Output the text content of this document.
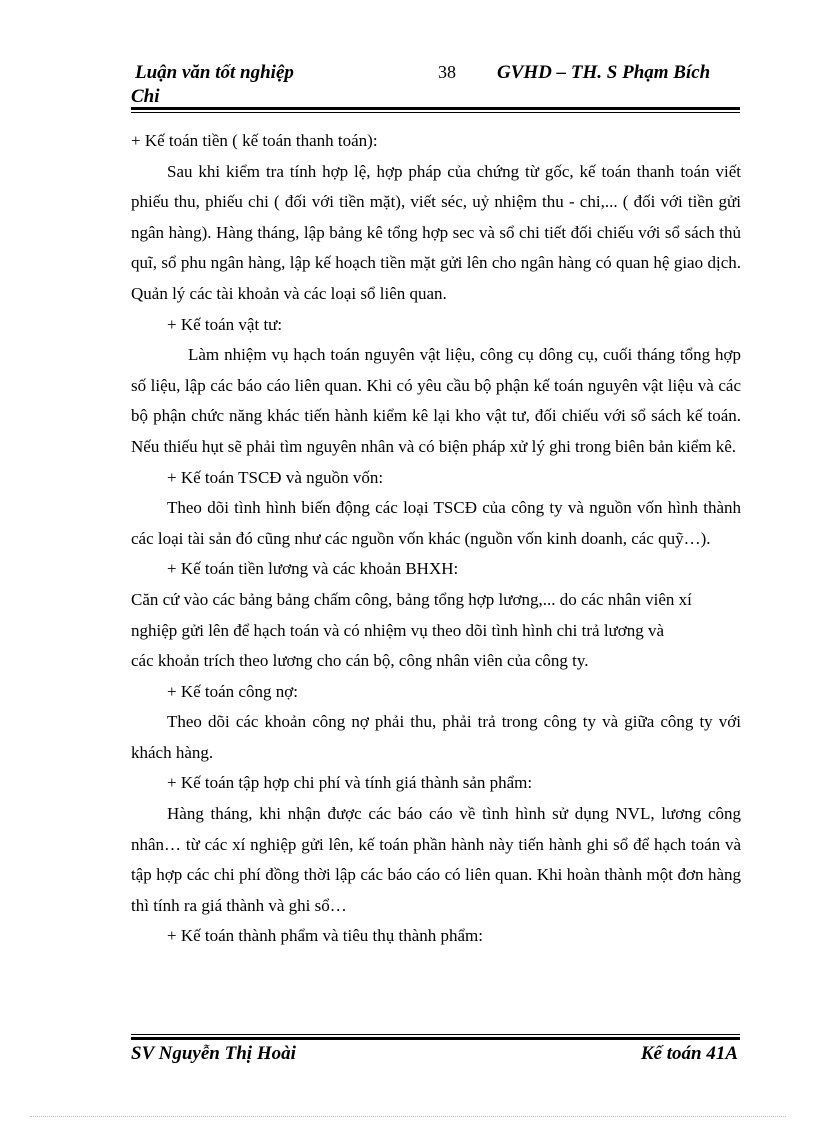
Luận văn tốt nghiệp	38 GVHD – TH. S Phạm Bích
Chi

+ Kế toán tiền ( kế toán thanh toán):

Sau khi kiểm tra tính hợp lệ, hợp pháp của chứng từ gốc, kế toán thanh toán viết phiếu thu, phiếu chi ( đối với tiền mặt), viết séc, uỷ nhiệm thu - chi,... ( đối với tiền gửi ngân hàng). Hàng tháng, lập bảng kê tổng hợp sec và sổ chi tiết đối chiếu với sổ sách thủ quĩ, sổ phu ngân hàng, lập kế hoạch tiền mặt gửi lên cho ngân hàng có quan hệ giao dịch. Quản lý các tài khoản và các loại sổ liên quan.

+ Kế toán vật tư:

Làm nhiệm vụ hạch toán nguyên vật liệu, công cụ dông cụ, cuối tháng tổng hợp số liệu, lập các báo cáo liên quan. Khi có yêu cầu bộ phận kế toán nguyên vật liệu và các bộ phận chức năng khác tiến hành kiểm kê lại kho vật tư, đối chiếu với sổ sách kế toán. Nếu thiếu hụt sẽ phải tìm nguyên nhân và có biện pháp xử lý ghi trong biên bản kiểm kê.

+ Kế toán TSCĐ và nguồn vốn:

Theo dõi tình hình biến động các loại TSCĐ của công ty và nguồn vốn hình thành các loại tài sản đó cũng như các nguồn vốn khác (nguồn vốn kinh doanh, các quỹ…).

+ Kế toán tiền lương và các khoản BHXH:

Căn cứ vào các bảng bảng chấm công, bảng tổng hợp lương,... do các nhân viên xí nghiệp gửi lên để hạch toán và có nhiệm vụ theo dõi tình hình chi trả lương và

các khoản trích theo lương cho cán bộ, công nhân viên của công ty.

+ Kế toán công nợ:

Theo dõi các khoản công nợ phải thu, phải trả trong công ty và giữa công ty với khách hàng.

+ Kế toán tập hợp chi phí và tính giá thành sản phẩm:

Hàng tháng, khi nhận được các báo cáo về tình hình sử dụng NVL, lương công nhân… từ các xí nghiệp gửi lên, kế toán phần hành này tiến hành ghi sổ để hạch toán và tập hợp các chi phí đồng thời lập các báo cáo có liên quan. Khi hoàn thành một đơn hàng thì tính ra giá thành và ghi sổ…

+ Kế toán thành phẩm và tiêu thụ thành phẩm:

SV Nguyễn Thị Hoài	Kế toán 41A
